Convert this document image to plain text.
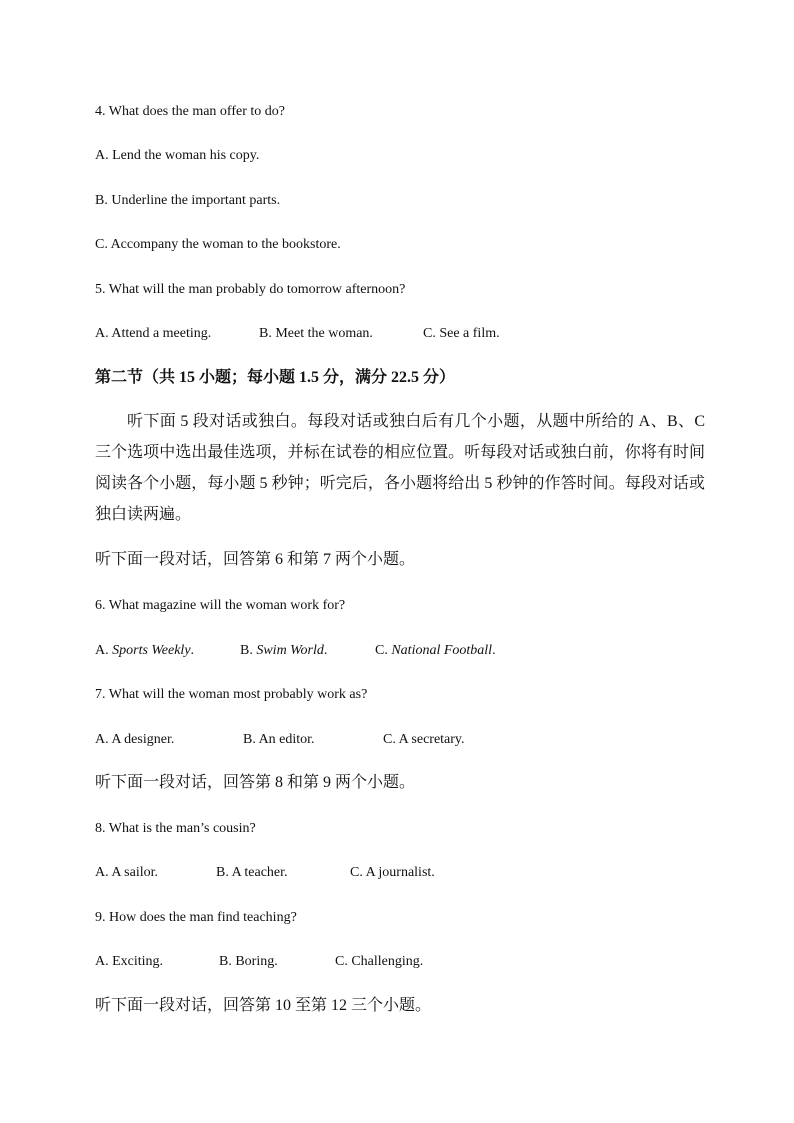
4. What does the man offer to do?
A. Lend the woman his copy.
B. Underline the important parts.
C. Accompany the woman to the bookstore.
5. What will the man probably do tomorrow afternoon?
A. Attend a meeting.	B. Meet the woman.	C. See a film.
第二节（共 15 小题；每小题 1.5 分，满分 22.5 分）
听下面 5 段对话或独白。每段对话或独白后有几个小题，从题中所给的 A、B、C 三个选项中选出最佳选项，并标在试卷的相应位置。听每段对话或独白前，你将有时间阅读各个小题，每小题 5 秒钟；听完后，各小题将给出 5 秒钟的作答时间。每段对话或独白读两遍。
听下面一段对话，回答第 6 和第 7 两个小题。
6. What magazine will the woman work for?
A. Sports Weekly.	B. Swim World.	C. National Football.
7. What will the woman most probably work as?
A. A designer.	B. An editor.	C. A secretary.
听下面一段对话，回答第 8 和第 9 两个小题。
8. What is the man’s cousin?
A. A sailor.	B. A teacher.	C. A journalist.
9. How does the man find teaching?
A. Exciting.	B. Boring.	C. Challenging.
听下面一段对话，回答第 10 至第 12 三个小题。
